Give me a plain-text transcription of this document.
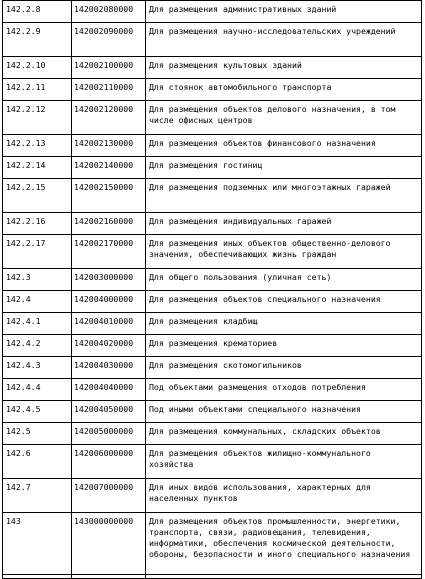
142.2.8	142002080000	Для размещения административных зданий
142.2.9	142002090000	Для размещения научно-исследовательских учреждений
142.2.10	142002100000	Для размещения культовых зданий
142.2.11	142002110000	Для стоянок автомобильного транспорта
142.2.12	142002120000	Для размещения объектов делового назначения, в том числе офисных центров
142.2.13	142002130000	Для размещения объектов финансового назначения
142.2.14	142002140000	Для размещения гостиниц
142.2.15	142002150000	Для размещения подземных или многоэтажных гаражей
142.2.16	142002160000	Для размещения индивидуальных гаражей
142.2.17	142002170000	Для размещения иных объектов общественно-делового значения, обеспечивающих жизнь граждан
142.3	142003000000	Для общего пользования (уличная сеть)
142.4	142004000000	Для размещения объектов специального назначения
142.4.1	142004010000	Для размещения кладбищ
142.4.2	142004020000	Для размещения крематориев
142.4.3	142004030000	Для размещения скотомогильников
142.4.4	142004040000	Под объектами размещения отходов потребления
142.4.5	142004050000	Под иными объектами специального назначения
142.5	142005000000	Для размещения коммунальных, складских объектов
142.6	142006000000	Для размещения объектов жилищно-коммунального хозяйства
142.7	142007000000	Для иных видов использования, характерных для населенных пунктов
143	143000000000	Для размещения объектов промышленности, энергетики, транспорта, связи, радиовещания, телевидения, информатики, обеспечения космической деятельности, обороны, безопасности и иного специального назначения
